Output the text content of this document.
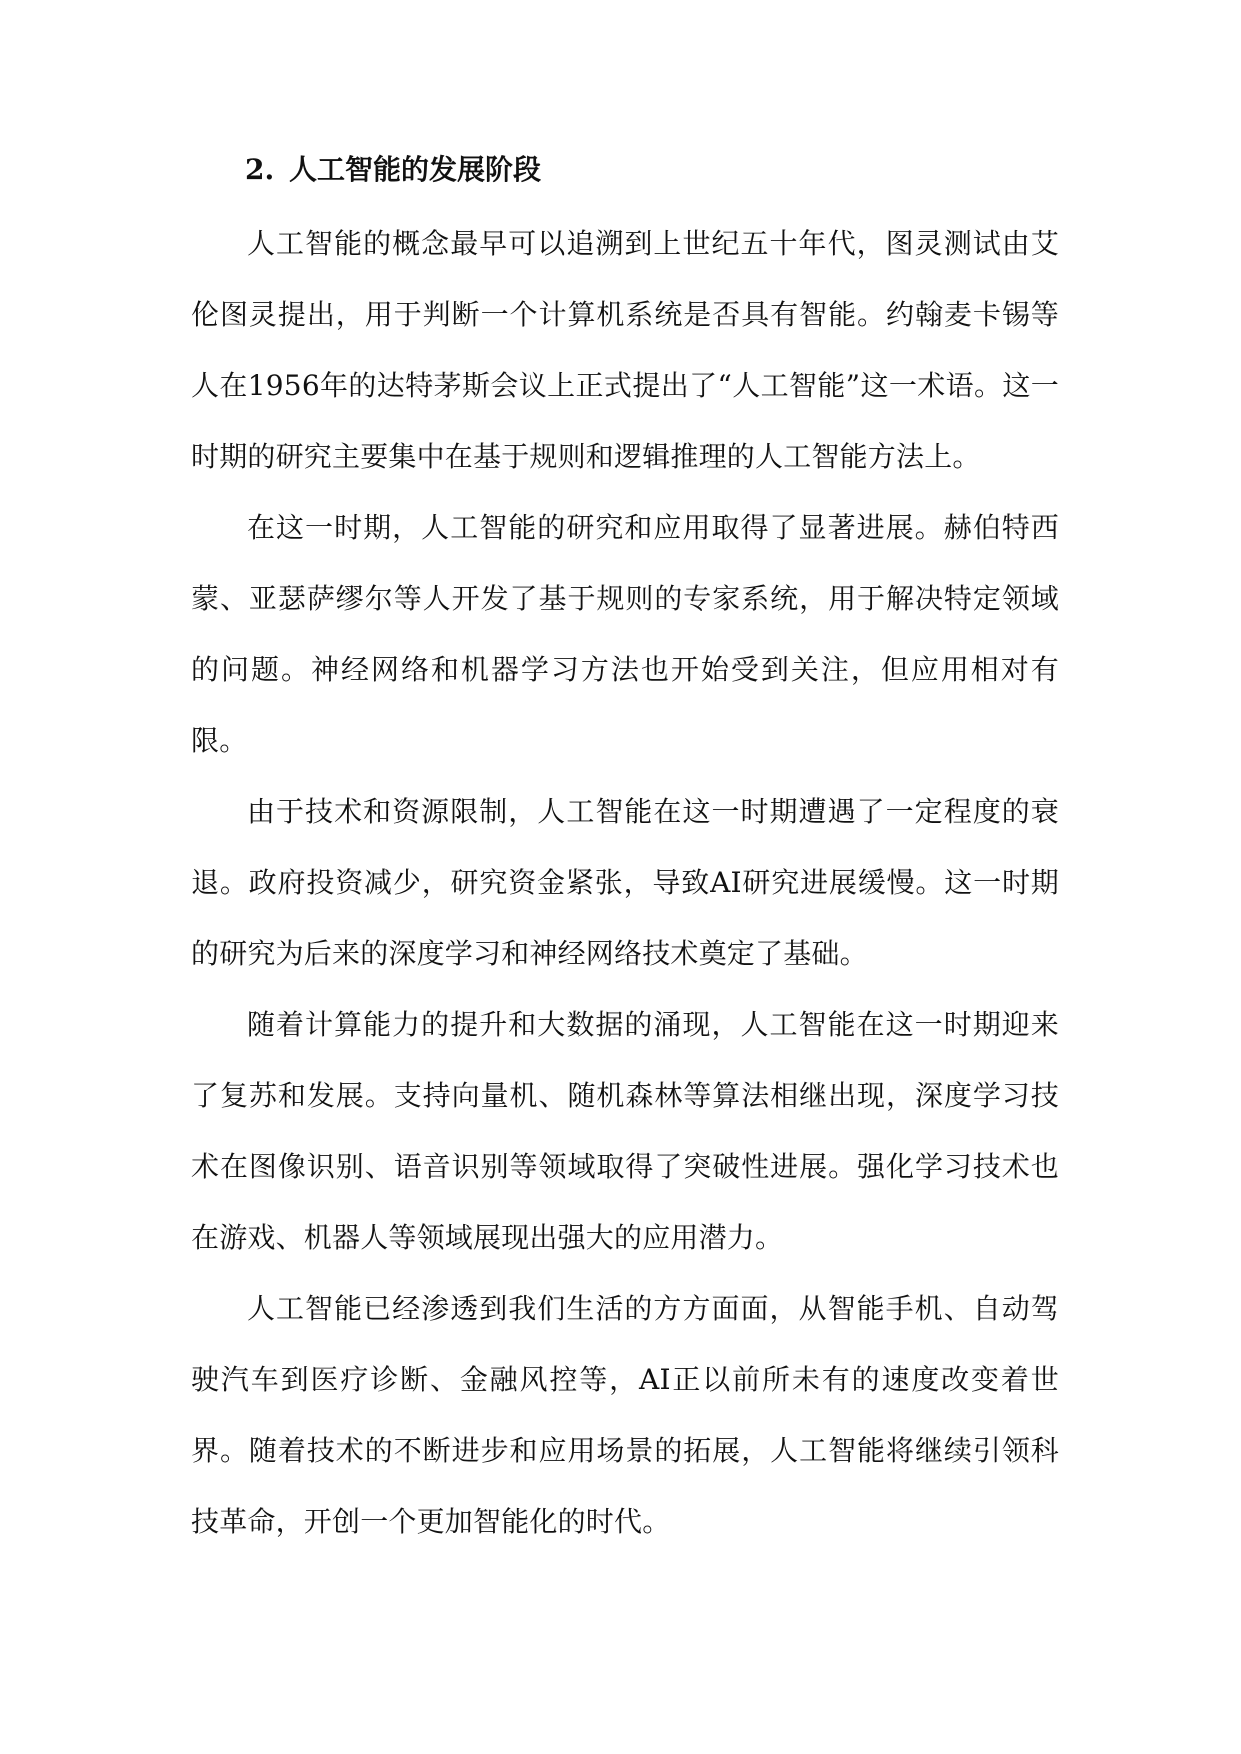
2. 人工智能的发展阶段

人工智能的概念最早可以追溯到上世纪五十年代，图灵测试由艾伦图灵提出，用于判断一个计算机系统是否具有智能。约翰麦卡锡等人在1956年的达特茅斯会议上正式提出了“人工智能”这一术语。这一时期的研究主要集中在基于规则和逻辑推理的人工智能方法上。

在这一时期，人工智能的研究和应用取得了显著进展。赫伯特西蒙、亚瑟萨缪尔等人开发了基于规则的专家系统，用于解决特定领域的问题。神经网络和机器学习方法也开始受到关注，但应用相对有限。

由于技术和资源限制，人工智能在这一时期遭遇了一定程度的衰退。政府投资减少，研究资金紧张，导致AI研究进展缓慢。这一时期的研究为后来的深度学习和神经网络技术奠定了基础。

随着计算能力的提升和大数据的涌现，人工智能在这一时期迎来了复苏和发展。支持向量机、随机森林等算法相继出现，深度学习技术在图像识别、语音识别等领域取得了突破性进展。强化学习技术也在游戏、机器人等领域展现出强大的应用潜力。

人工智能已经渗透到我们生活的方方面面，从智能手机、自动驾驶汽车到医疗诊断、金融风控等，AI正以前所未有的速度改变着世界。随着技术的不断进步和应用场景的拓展，人工智能将继续引领科技革命，开创一个更加智能化的时代。
